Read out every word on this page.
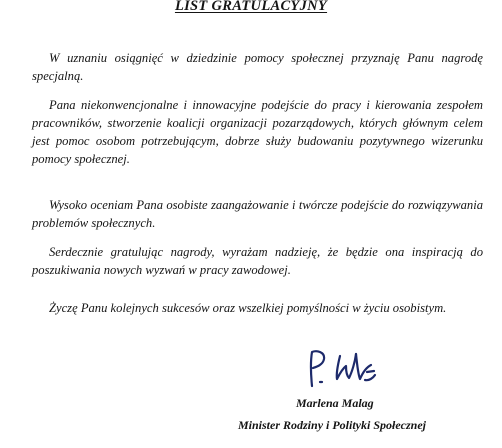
LIST GRATULACYJNY

W uznaniu osiągnięć w dziedzinie pomocy społecznej przyznaję Panu nagrodę specjalną.

Pana niekonwencjonalne i innowacyjne podejście do pracy i kierowania zespołem pracowników, stworzenie koalicji organizacji pozarządowych, których głównym celem jest pomoc osobom potrzebującym, dobrze służy budowaniu pozytywnego wizerunku pomocy społecznej.

Wysoko oceniam Pana osobiste zaangażowanie i twórcze podejście do rozwiązywania problemów społecznych.

Serdecznie gratulując nagrody, wyrażam nadzieję, że będzie ona inspiracją do poszukiwania nowych wyzwań w pracy zawodowej.

Życzę Panu kolejnych sukcesów oraz wszelkiej pomyślności w życiu osobistym.

Marlena Malag
Minister Rodziny i Polityki Społecznej
